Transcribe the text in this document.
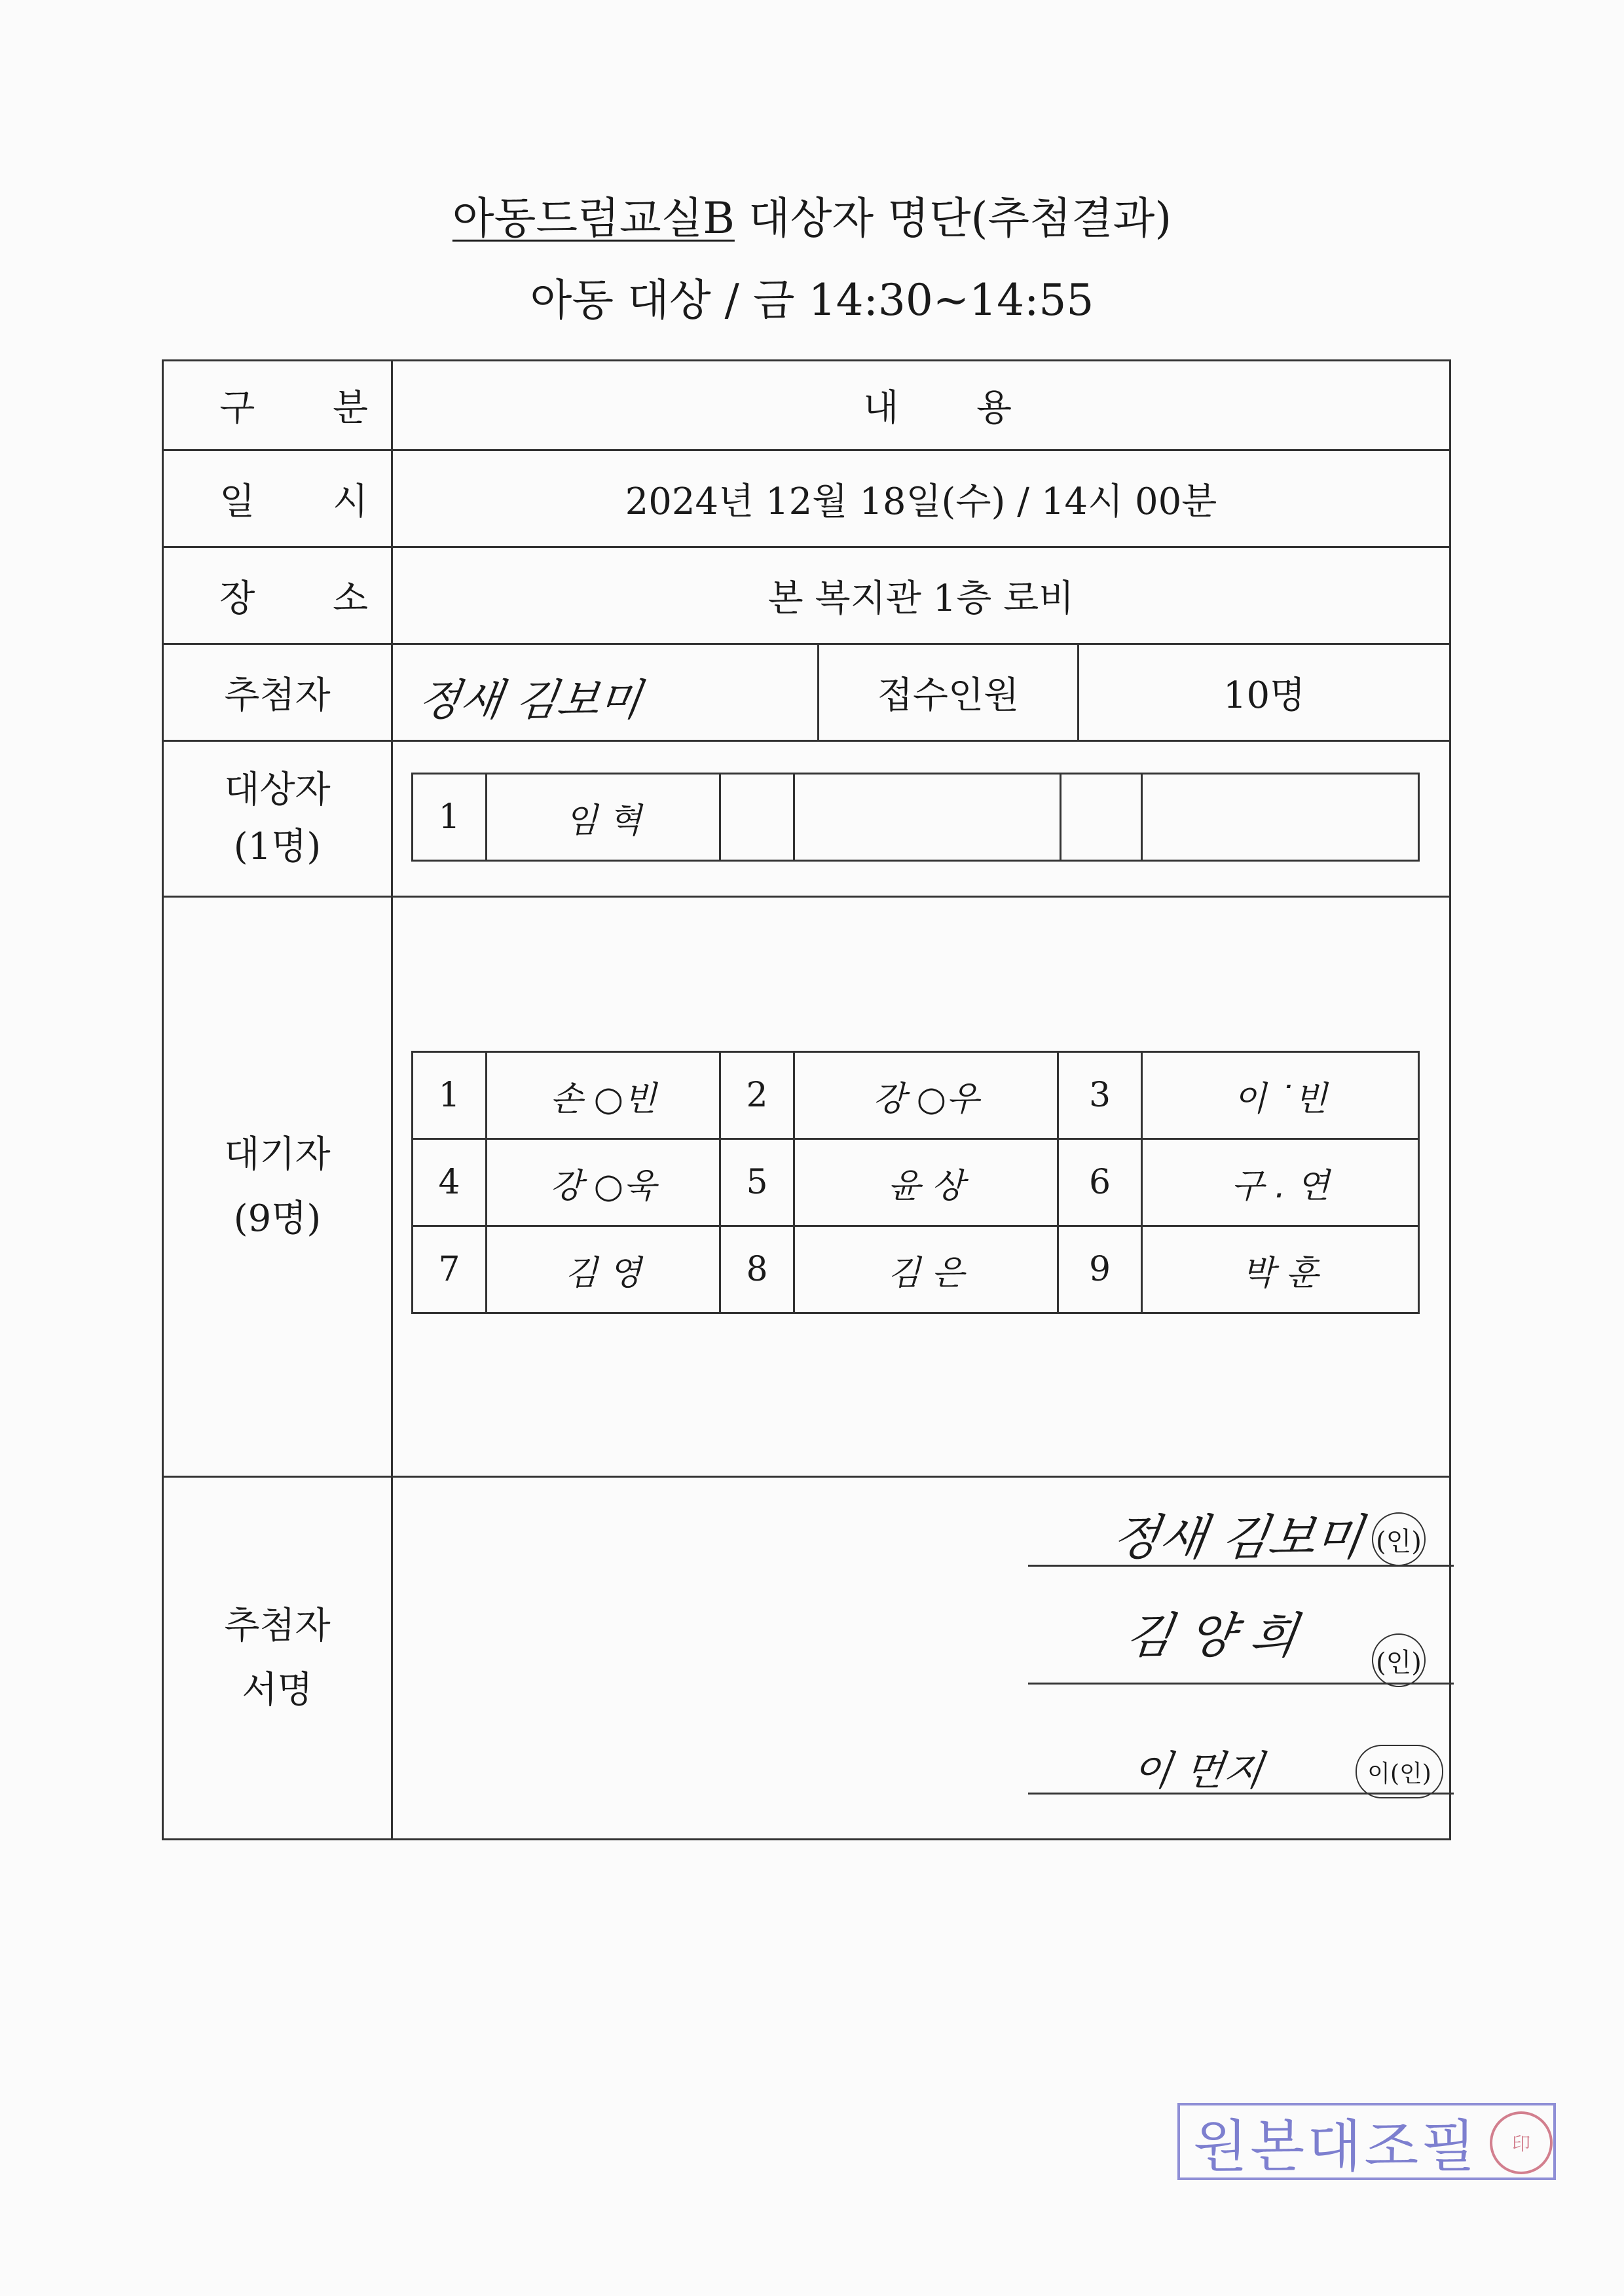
아동드럼교실B 대상자 명단(추첨결과)
아동 대상 / 금 14:30~14:55
구 분	내 용
일 시	2024년 12월 18일(수) / 14시 00분
장 소	본 복지관 1층 로비
추첨자	정새 김보미	접수인원	10명
대상자
(1명)
1	임 혁				
대기자
(9명)
1	손 ○빈	2	강 ○우	3	이 ˙빈
4	강 ○욱	5	윤 상	6	구 . 연
7	김 영	8	김 은	9	박 훈
추첨자
서명
정새 김보미 (인)
김 양 희	(인)
이 먼지	이(인)
원본대조필	印
